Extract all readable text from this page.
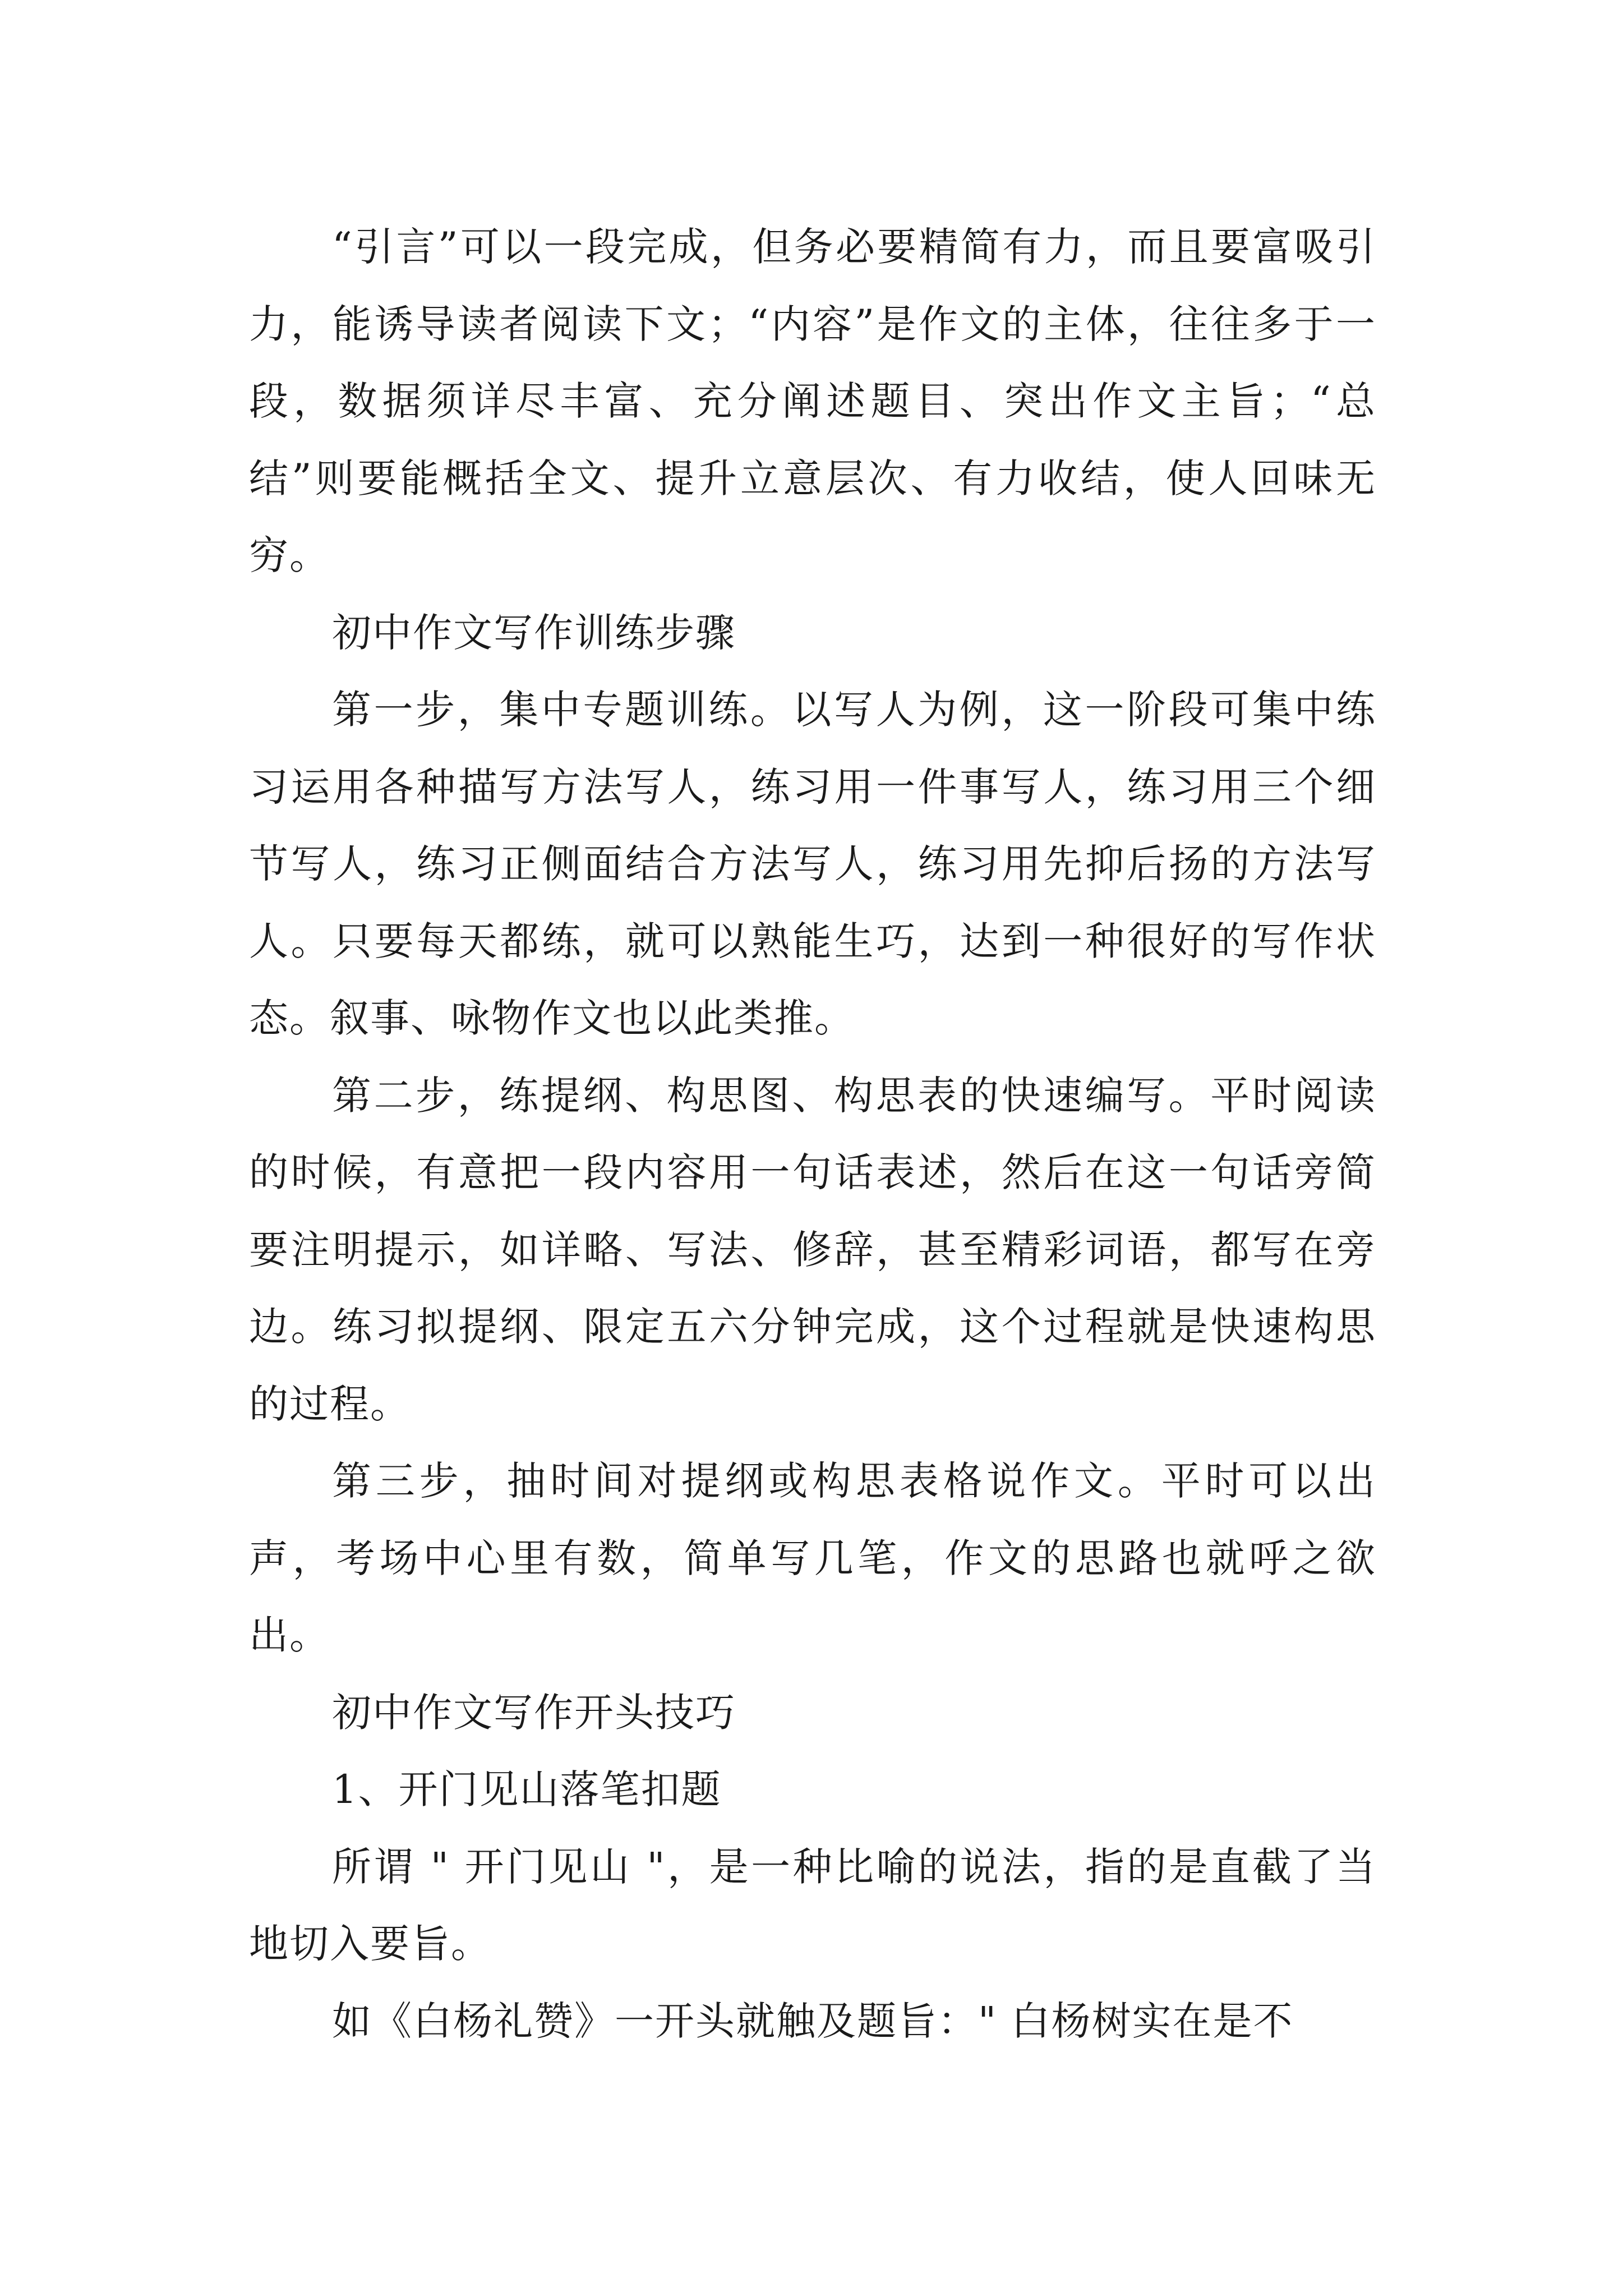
“引言”可以一段完成，但务必要精简有力，而且要富吸引力，能诱导读者阅读下文；“内容”是作文的主体，往往多于一段，数据须详尽丰富、充分阐述题目、突出作文主旨；“总结”则要能概括全文、提升立意层次、有力收结，使人回味无穷。

初中作文写作训练步骤

第一步，集中专题训练。以写人为例，这一阶段可集中练习运用各种描写方法写人，练习用一件事写人，练习用三个细节写人，练习正侧面结合方法写人，练习用先抑后扬的方法写人。只要每天都练，就可以熟能生巧，达到一种很好的写作状态。叙事、咏物作文也以此类推。

第二步，练提纲、构思图、构思表的快速编写。平时阅读的时候，有意把一段内容用一句话表述，然后在这一句话旁简要注明提示，如详略、写法、修辞，甚至精彩词语，都写在旁边。练习拟提纲、限定五六分钟完成，这个过程就是快速构思的过程。

第三步，抽时间对提纲或构思表格说作文。平时可以出声，考场中心里有数，简单写几笔，作文的思路也就呼之欲出。

初中作文写作开头技巧

1、开门见山落笔扣题

所谓 " 开门见山 "，是一种比喻的说法，指的是直截了当地切入要旨。

如《白杨礼赞》一开头就触及题旨：" 白杨树实在是不
